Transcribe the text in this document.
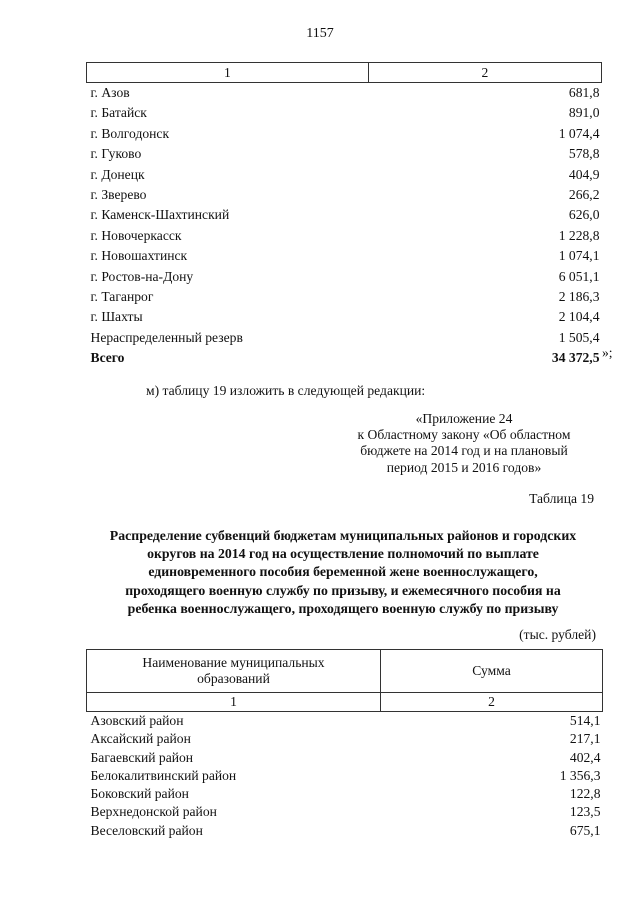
1157
1	2
г. Азов	681,8
г. Батайск	891,0
г. Волгодонск	1 074,4
г. Гуково	578,8
г. Донецк	404,9
г. Зверево	266,2
г. Каменск-Шахтинский	626,0
г. Новочеркасск	1 228,8
г. Новошахтинск	1 074,1
г. Ростов-на-Дону	6 051,1
г. Таганрог	2 186,3
г. Шахты	2 104,4
Нераспределенный резерв	1 505,4
Всего	34 372,5 »;
м) таблицу 19 изложить в следующей редакции:
«Приложение 24
к Областному закону «Об областном
бюджете на 2014 год и на плановый
период 2015 и 2016 годов»
Таблица 19
Распределение субвенций бюджетам муниципальных районов и городских
округов на 2014 год на осуществление полномочий по выплате
единовременного пособия беременной жене военнослужащего,
проходящего военную службу по призыву, и ежемесячного пособия на
ребенка военнослужащего, проходящего военную службу по призыву
(тыс. рублей)
Наименование муниципальных
образований	Сумма
1	2
Азовский район	514,1
Аксайский район	217,1
Багаевский район	402,4
Белокалитвинский район	1 356,3
Боковский район	122,8
Верхнедонской район	123,5
Веселовский район	675,1
